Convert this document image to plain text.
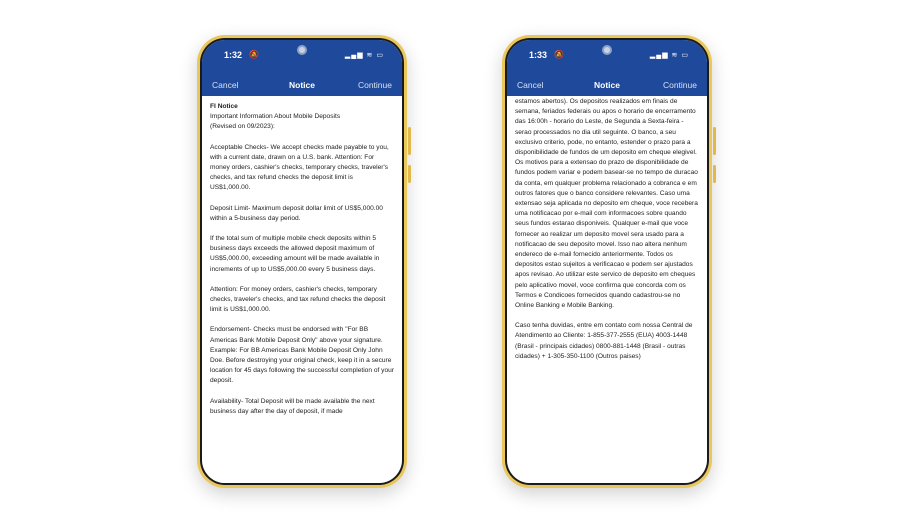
1:32 🔕	▂▄▆ ≋ ▭
Cancel	Notice	Continue

FI Notice

Important Information About Mobile Deposits
(Revised on 09/2023):

Acceptable Checks- We accept checks made payable to you, with a current date, drawn on a U.S. bank. Attention: For money orders, cashier's checks, temporary checks, traveler's checks, and tax refund checks the deposit limit is US$1,000.00.

Deposit Limit- Maximum deposit dollar limit of US$5,000.00 within a 5-business day period.

If the total sum of multiple mobile check deposits within 5 business days exceeds the allowed deposit maximum of US$5,000.00, exceeding amount will be made available in increments of up to US$5,000.00 every 5 business days.

Attention: For money orders, cashier's checks, temporary checks, traveler's checks, and tax refund checks the deposit limit is US$1,000.00.

Endorsement- Checks must be endorsed with "For BB Americas Bank Mobile Deposit Only" above your signature. Example: For BB Americas Bank Mobile Deposit Only John Doe. Before destroying your original check, keep it in a secure location for 45 days following the successful completion of your deposit.

Availability- Total Deposit will be made available the next business day after the day of deposit, if made

1:33 🔕	▂▄▆ ≋ ▭
Cancel	Notice	Continue

estamos abertos). Os depositos realizados em finais de semana, feriados federais ou apos o horario de encerramento das 16:00h - horario do Leste, de Segunda a Sexta-feira - serao processados no dia util seguinte. O banco, a seu exclusivo criterio, pode, no entanto, estender o prazo para a disponibilidade de fundos de um deposito em cheque elegivel. Os motivos para a extensao do prazo de disponibilidade de fundos podem variar e podem basear-se no tempo de duracao da conta, em qualquer problema relacionado a cobranca e em outros fatores que o banco considere relevantes. Caso uma extensao seja aplicada no deposito em cheque, voce recebera uma notificacao por e-mail com informacoes sobre quando seus fundos estarao disponiveis. Qualquer e-mail que voce fornecer ao realizar um deposito movel sera usado para a notificacao de seu deposito movel. Isso nao altera nenhum endereco de e-mail fornecido anteriormente. Todos os depositos estao sujeitos a verificacao e podem ser ajustados apos revisao. Ao utilizar este servico de deposito em cheques pelo aplicativo movel, voce confirma que concorda com os Termos e Condicoes fornecidos quando cadastrou-se no Online Banking e Mobile Banking.

Caso tenha duvidas, entre em contato com nossa Central de Atendimento ao Cliente: 1-855-377-2555 (EUA) 4003-1448 (Brasil - principais cidades) 0800-881-1448 (Brasil - outras cidades) + 1-305-350-1100 (Outros paises)
